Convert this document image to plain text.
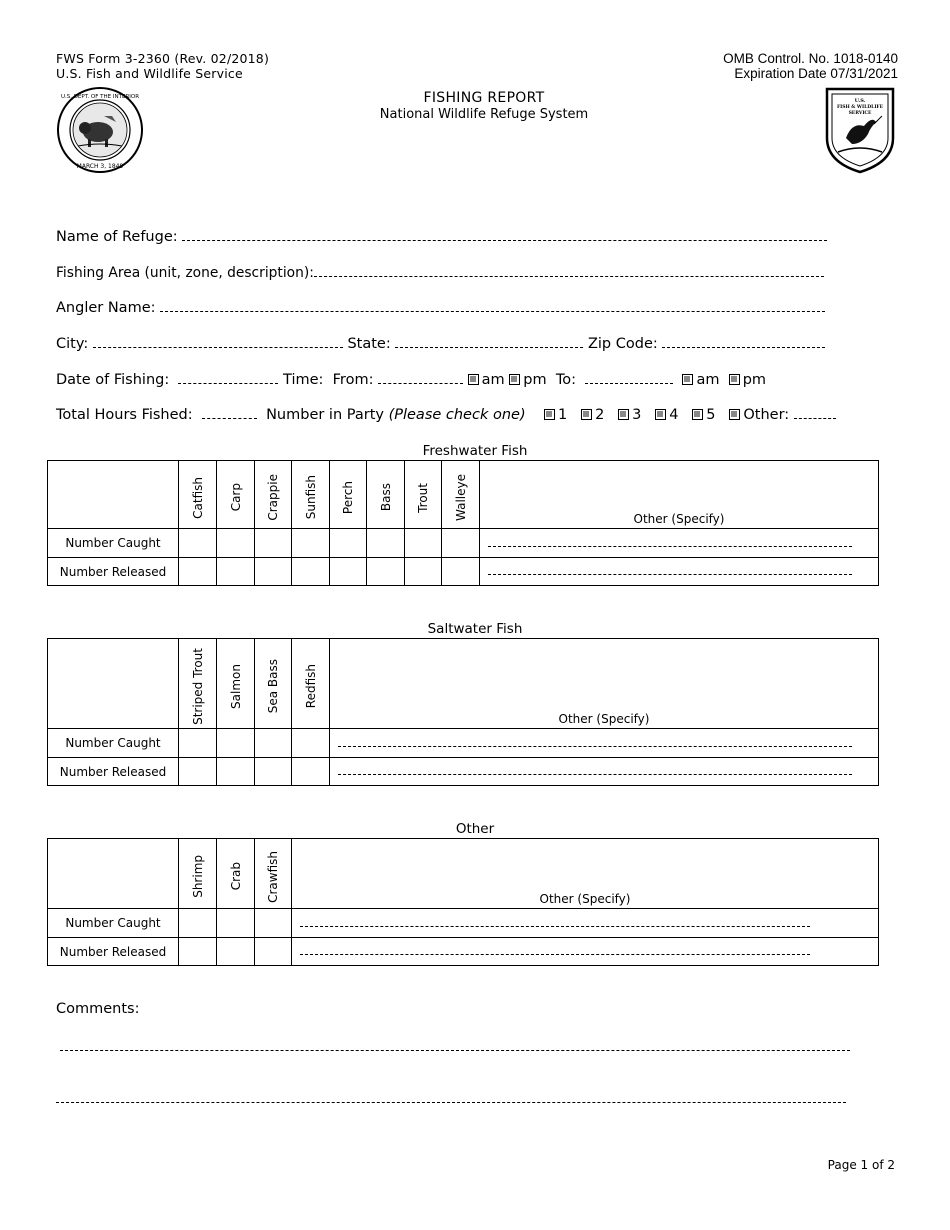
FWS Form 3-2360 (Rev. 02/2018)
U.S. Fish and Wildlife Service
OMB Control. No. 1018-0140
Expiration Date 07/31/2021
U.S. DEPT. OF THE INTERIOR
MARCH 3, 1849
FISHING REPORT
National Wildlife Refuge System
U.S.
FISH & WILDLIFE
SERVICE
Name of Refuge:
Fishing Area (unit, zone, description):
Angler Name:
City:	State:	Zip Code:
Date of Fishing:	Time: From:	am pm To:	am pm
Total Hours Fished:	Number in Party (Please check one) 1 2 3 4 5 Other:
Freshwater Fish

	Catfish	Carp	Crappie	Sunfish	Perch	Bass	Trout	Walleye	Other (Specify)
Number Caught									

Number Released									
Saltwater Fish

	Striped Trout	Salmon	Sea Bass	Redfish	Other (Specify)
Number Caught					

Number Released					
Other

	Shrimp	Crab	Crawfish	Other (Specify)
Number Caught				

Number Released				
Comments:
Page 1 of 2
